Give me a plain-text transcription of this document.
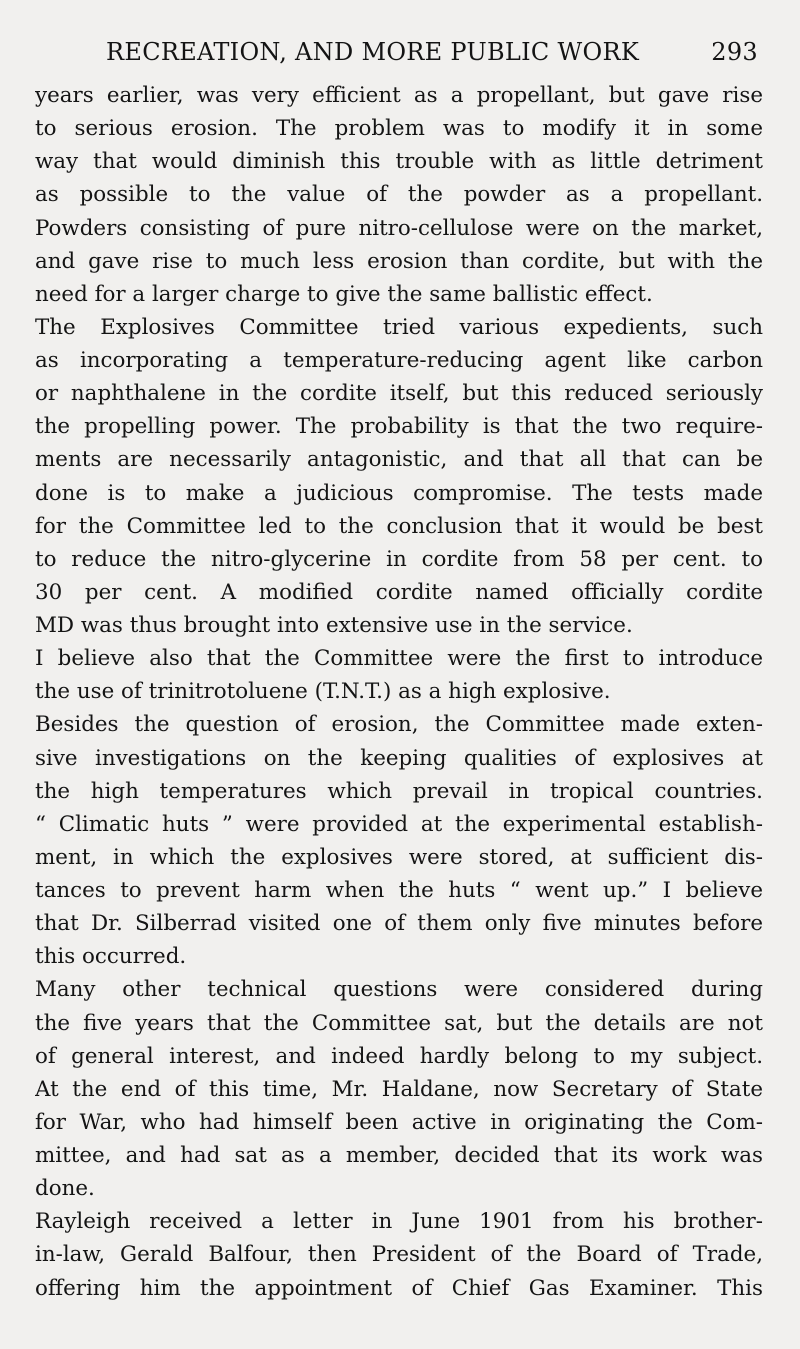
RECREATION, AND MORE PUBLIC WORK	293
years earlier, was very efficient as a propellant, but gave rise
to serious erosion. The problem was to modify it in some
way that would diminish this trouble with as little detriment
as possible to the value of the powder as a propellant.
Powders consisting of pure nitro-cellulose were on the market,
and gave rise to much less erosion than cordite, but with the
need for a larger charge to give the same ballistic effect.
The Explosives Committee tried various expedients, such
as incorporating a temperature-reducing agent like carbon
or naphthalene in the cordite itself, but this reduced seriously
the propelling power. The probability is that the two require-
ments are necessarily antagonistic, and that all that can be
done is to make a judicious compromise. The tests made
for the Committee led to the conclusion that it would be best
to reduce the nitro-glycerine in cordite from 58 per cent. to
30 per cent. A modified cordite named officially cordite
MD was thus brought into extensive use in the service.
I believe also that the Committee were the first to introduce
the use of trinitrotoluene (T.N.T.) as a high explosive.
Besides the question of erosion, the Committee made exten-
sive investigations on the keeping qualities of explosives at
the high temperatures which prevail in tropical countries.
“ Climatic huts ” were provided at the experimental establish-
ment, in which the explosives were stored, at sufficient dis-
tances to prevent harm when the huts “ went up.” I believe
that Dr. Silberrad visited one of them only five minutes before
this occurred.
Many other technical questions were considered during
the five years that the Committee sat, but the details are not
of general interest, and indeed hardly belong to my subject.
At the end of this time, Mr. Haldane, now Secretary of State
for War, who had himself been active in originating the Com-
mittee, and had sat as a member, decided that its work was
done.
Rayleigh received a letter in June 1901 from his brother-
in-law, Gerald Balfour, then President of the Board of Trade,
offering him the appointment of Chief Gas Examiner. This
